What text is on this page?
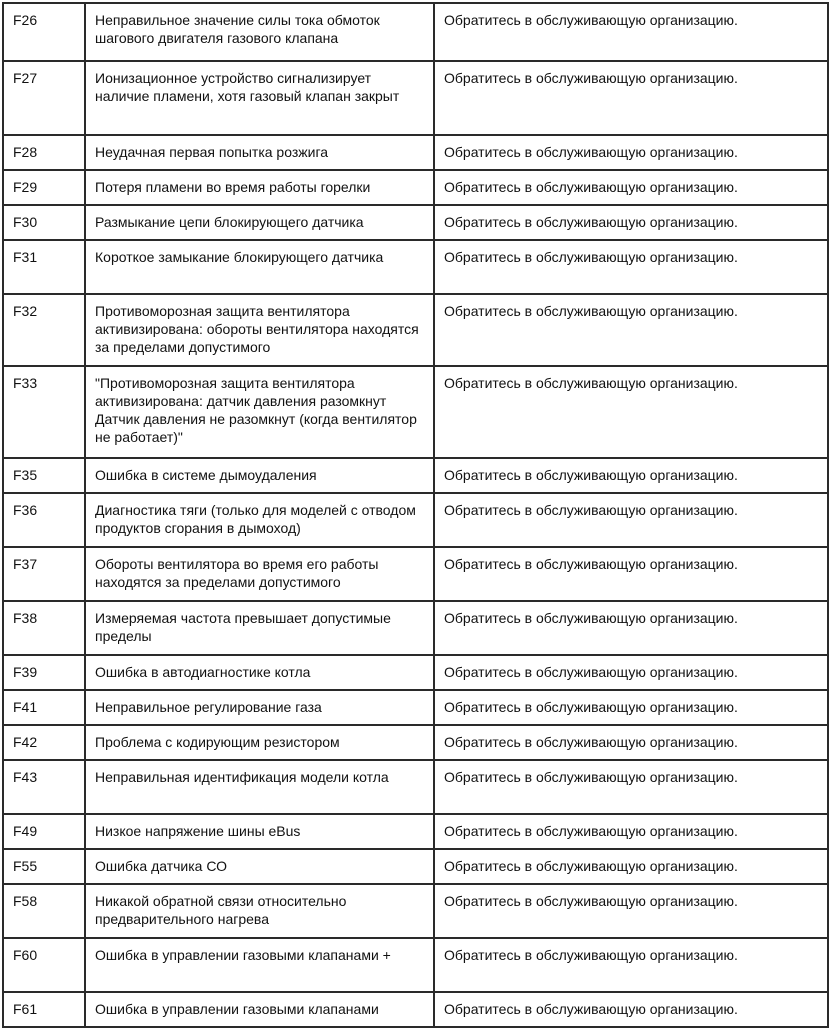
F26	Неправильное значение силы тока обмоток шагового двигателя газового клапана	Обратитесь в обслуживающую организацию.
F27	Ионизационное устройство сигнализирует наличие пламени, хотя газовый клапан закрыт	Обратитесь в обслуживающую организацию.
F28	Неудачная первая попытка розжига	Обратитесь в обслуживающую организацию.
F29	Потеря пламени во время работы горелки	Обратитесь в обслуживающую организацию.
F30	Размыкание цепи блокирующего датчика	Обратитесь в обслуживающую организацию.
F31	Короткое замыкание блокирующего датчика	Обратитесь в обслуживающую организацию.
F32	Противоморозная защита вентилятора активизирована: обороты вентилятора находятся за пределами допустимого	Обратитесь в обслуживающую организацию.
F33	"Противоморозная защита вентилятора активизирована: датчик давления разомкнут Датчик давления не разомкнут (когда вентилятор не работает)"	Обратитесь в обслуживающую организацию.
F35	Ошибка в системе дымоудаления	Обратитесь в обслуживающую организацию.
F36	Диагностика тяги (только для моделей с отводом продуктов сгорания в дымоход)	Обратитесь в обслуживающую организацию.
F37	Обороты вентилятора во время его работы находятся за пределами допустимого	Обратитесь в обслуживающую организацию.
F38	Измеряемая частота превышает допустимые пределы	Обратитесь в обслуживающую организацию.
F39	Ошибка в автодиагностике котла	Обратитесь в обслуживающую организацию.
F41	Неправильное регулирование газа	Обратитесь в обслуживающую организацию.
F42	Проблема с кодирующим резистором	Обратитесь в обслуживающую организацию.
F43	Неправильная идентификация модели котла	Обратитесь в обслуживающую организацию.
F49	Низкое напряжение шины eBus	Обратитесь в обслуживающую организацию.
F55	Ошибка датчика СО	Обратитесь в обслуживающую организацию.
F58	Никакой обратной связи относительно предварительного нагрева	Обратитесь в обслуживающую организацию.
F60	Ошибка в управлении газовыми клапанами +	Обратитесь в обслуживающую организацию.
F61	Ошибка в управлении газовыми клапанами	Обратитесь в обслуживающую организацию.
